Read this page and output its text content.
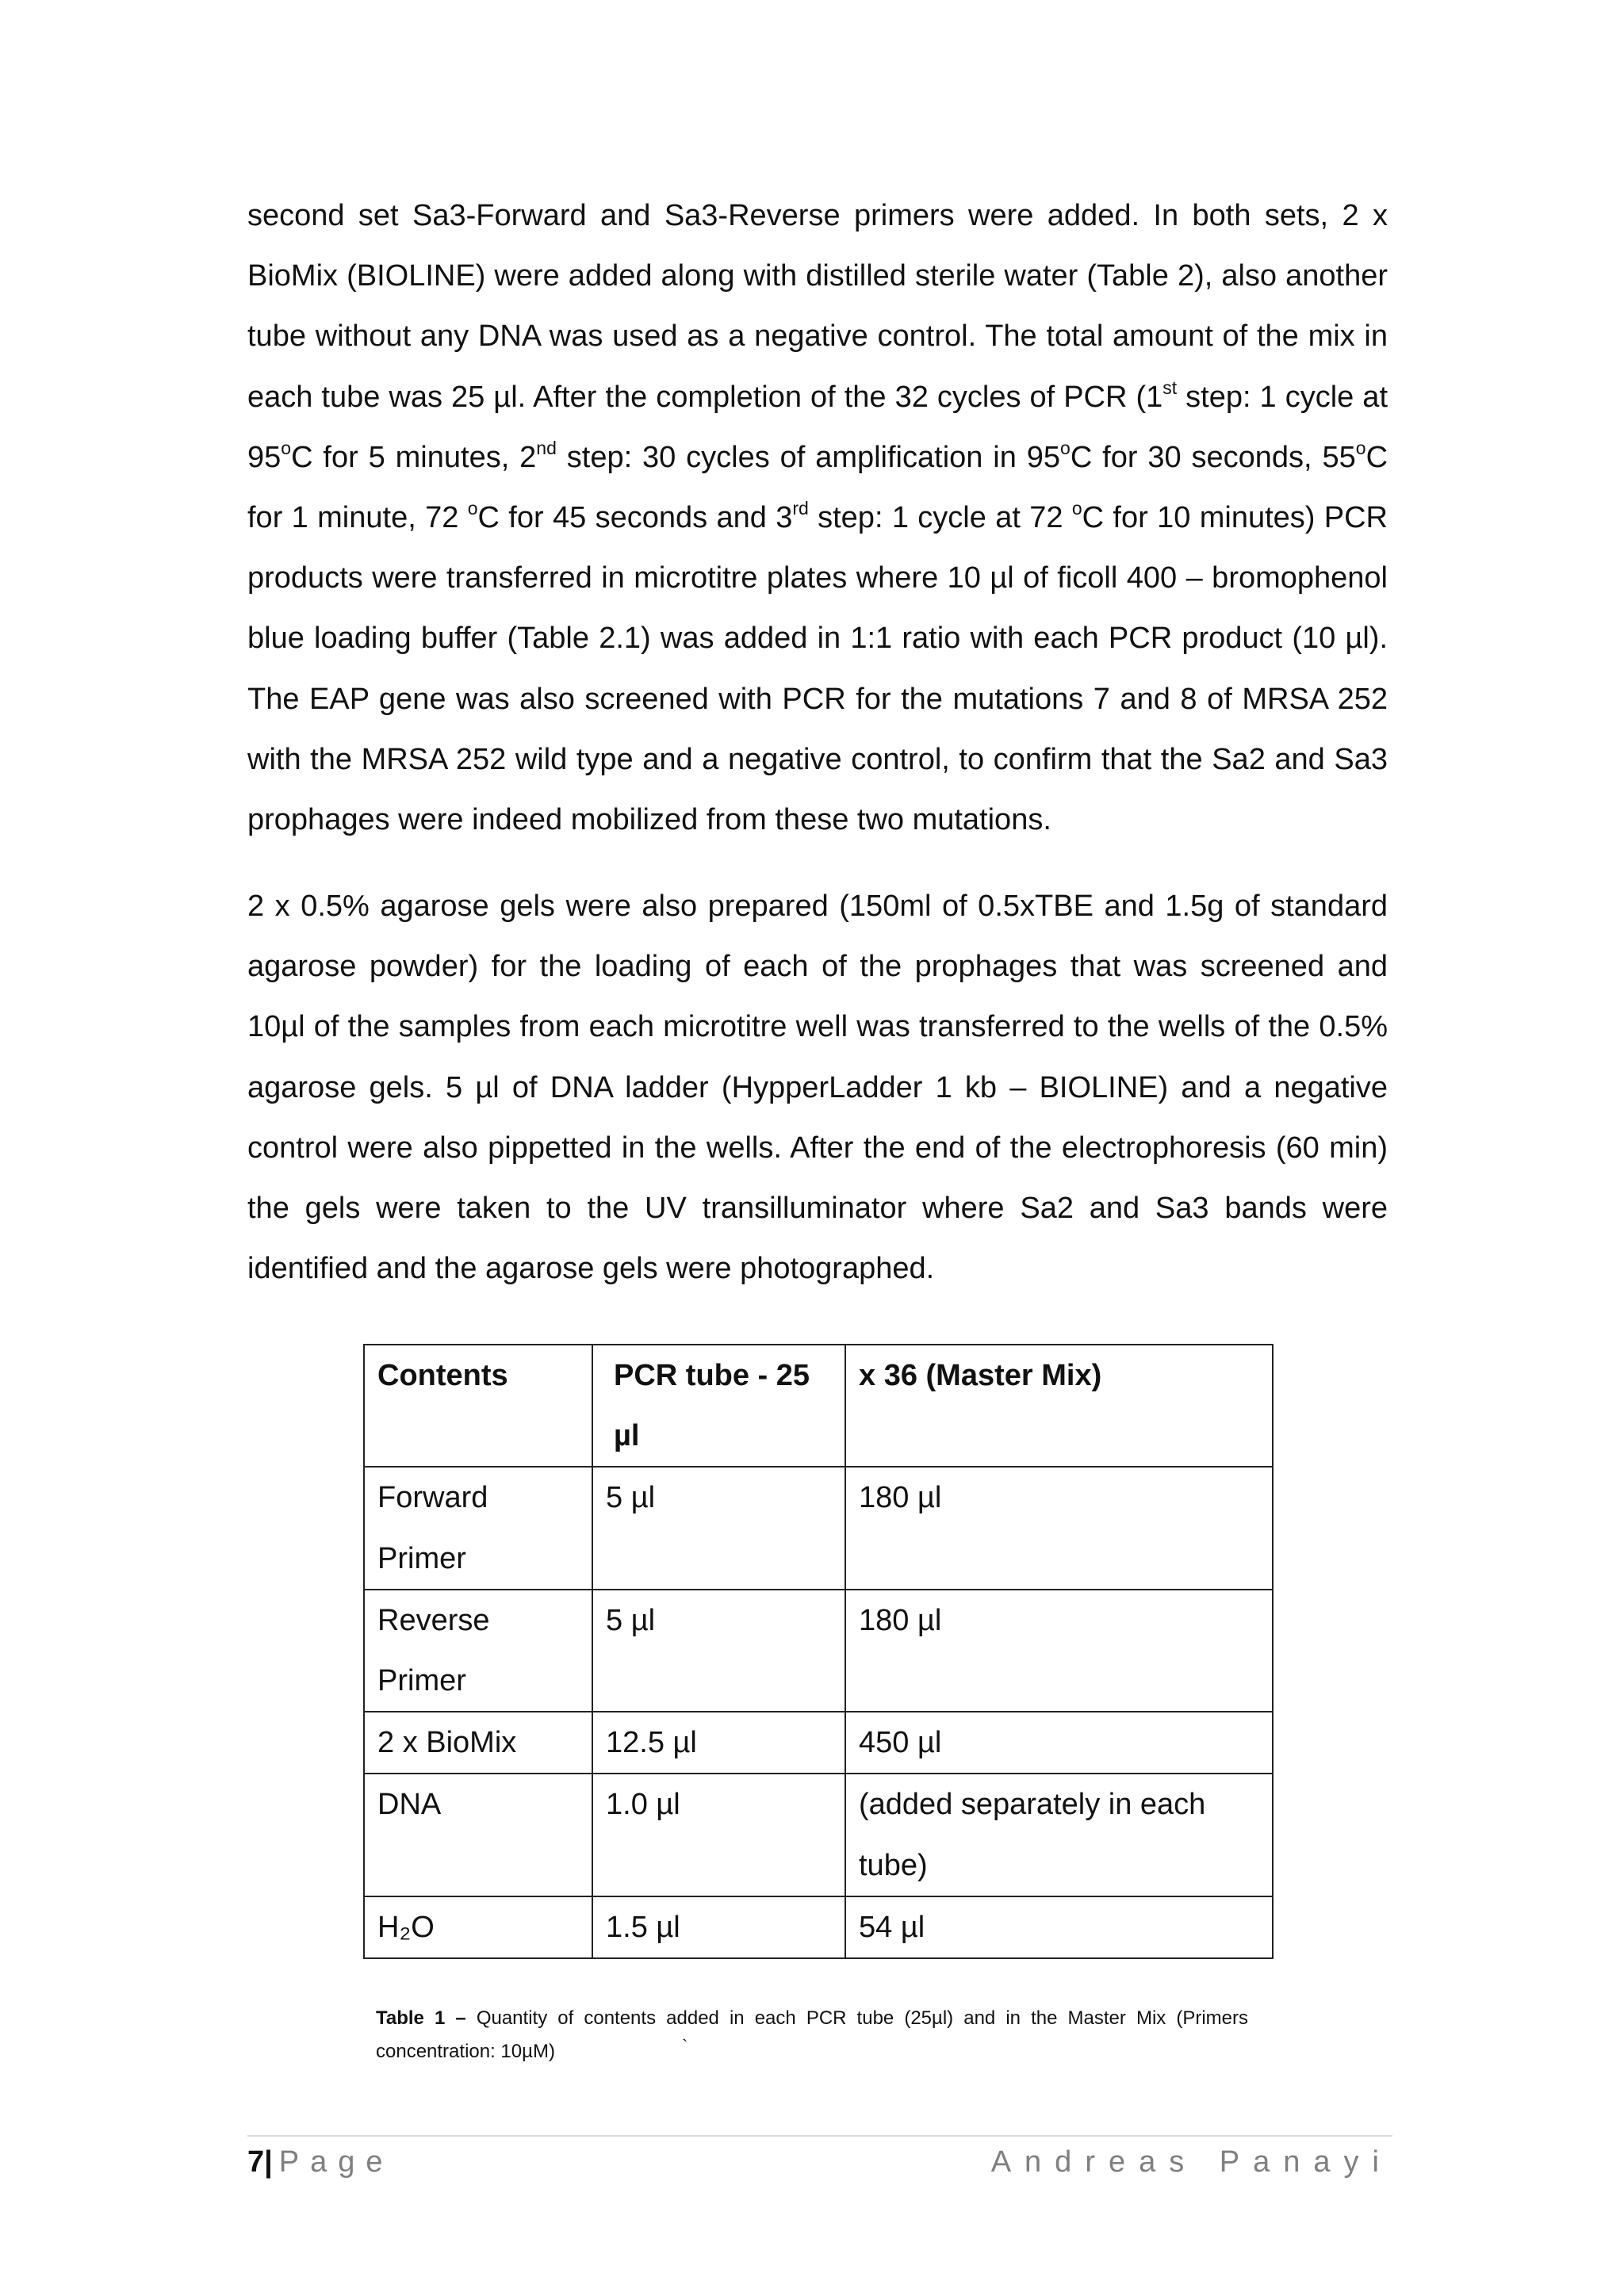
second set Sa3-Forward and Sa3-Reverse primers were added. In both sets, 2 x BioMix (BIOLINE) were added along with distilled sterile water (Table 2), also another tube without any DNA was used as a negative control. The total amount of the mix in each tube was 25 µl. After the completion of the 32 cycles of PCR (1st step: 1 cycle at 95$^o$C for 5 minutes, 2nd step: 30 cycles of amplification in 95$^o$C for 30 seconds, 55$^o$C for 1 minute, 72 $^o$C for 45 seconds and 3rd step: 1 cycle at 72 $^o$C for 10 minutes) PCR products were transferred in microtitre plates where 10 µl of ficoll 400 – bromophenol blue loading buffer (Table 2.1) was added in 1:1 ratio with each PCR product (10 µl). The EAP gene was also screened with PCR for the mutations 7 and 8 of MRSA 252 with the MRSA 252 wild type and a negative control, to confirm that the Sa2 and Sa3 prophages were indeed mobilized from these two mutations.

2 x 0.5% agarose gels were also prepared (150ml of 0.5xTBE and 1.5g of standard agarose powder) for the loading of each of the prophages that was screened and 10µl of the samples from each microtitre well was transferred to the wells of the 0.5% agarose gels. 5 µl of DNA ladder (HypperLadder 1 kb – BIOLINE) and a negative control were also pippetted in the wells. After the end of the electrophoresis (60 min) the gels were taken to the UV transilluminator where Sa2 and Sa3 bands were identified and the agarose gels were photographed.

Contents	PCR tube - 25 µl	x 36 (Master Mix)
Forward Primer	5 µl	180 µl
Reverse Primer	5 µl	180 µl
2 x BioMix	12.5 µl	450 µl
DNA	1.0 µl	(added separately in each tube)
H₂O	1.5 µl	54 µl

Table 1 – Quantity of contents added in each PCR tube (25µl) and in the Master Mix (Primers concentration: 10µM)	`
7| Page	Andreas Panayi
